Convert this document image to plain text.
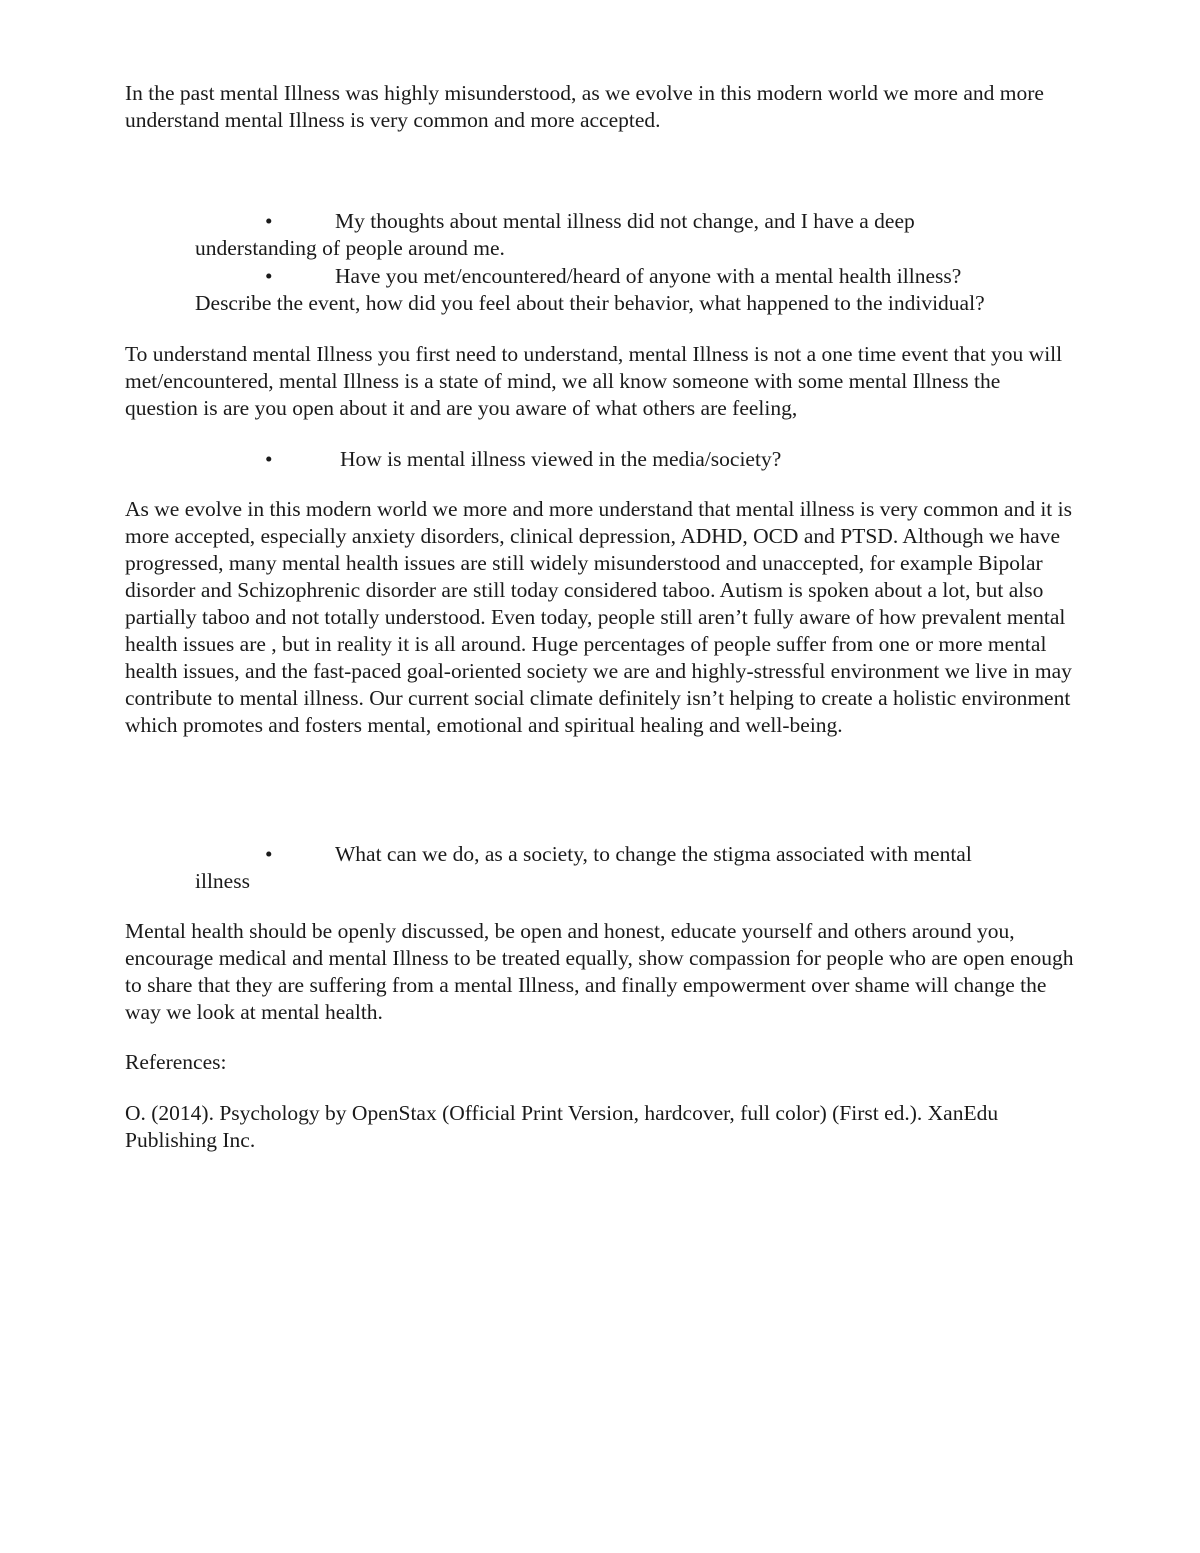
In the past mental Illness was highly misunderstood, as we evolve in this modern world we more and more understand mental Illness is very common and more accepted.

•	My thoughts about mental illness did not change, and I have a deep
understanding of people around me.
•	Have you met/encountered/heard of anyone with a mental health illness?
Describe the event, how did you feel about their behavior, what happened to the individual?

To understand mental Illness you first need to understand, mental Illness is not a one time event that you will met/encountered, mental Illness is a state of mind, we all know someone with some mental Illness the question is are you open about it and are you aware of what others are feeling,

•	How is mental illness viewed in the media/society?

As we evolve in this modern world we more and more understand that mental illness is very common and it is more accepted, especially anxiety disorders, clinical depression, ADHD, OCD and PTSD. Although we have progressed, many mental health issues are still widely misunderstood and unaccepted, for example Bipolar disorder and Schizophrenic disorder are still today considered taboo. Autism is spoken about a lot, but also partially taboo and not totally understood. Even today, people still aren’t fully aware of how prevalent mental health issues are , but in reality it is all around. Huge percentages of people suffer from one or more mental health issues, and the fast-paced goal-oriented society we are and highly-stressful environment we live in may contribute to mental illness. Our current social climate definitely isn’t helping to create a holistic environment which promotes and fosters mental, emotional and spiritual healing and well-being.

•	What can we do, as a society, to change the stigma associated with mental
illness

Mental health should be openly discussed, be open and honest, educate yourself and others around you, encourage medical and mental Illness to be treated equally, show compassion for people who are open enough to share that they are suffering from a mental Illness, and finally empowerment over shame will change the way we look at mental health.

References:

O. (2014). Psychology by OpenStax (Official Print Version, hardcover, full color) (First ed.). XanEdu Publishing Inc.
